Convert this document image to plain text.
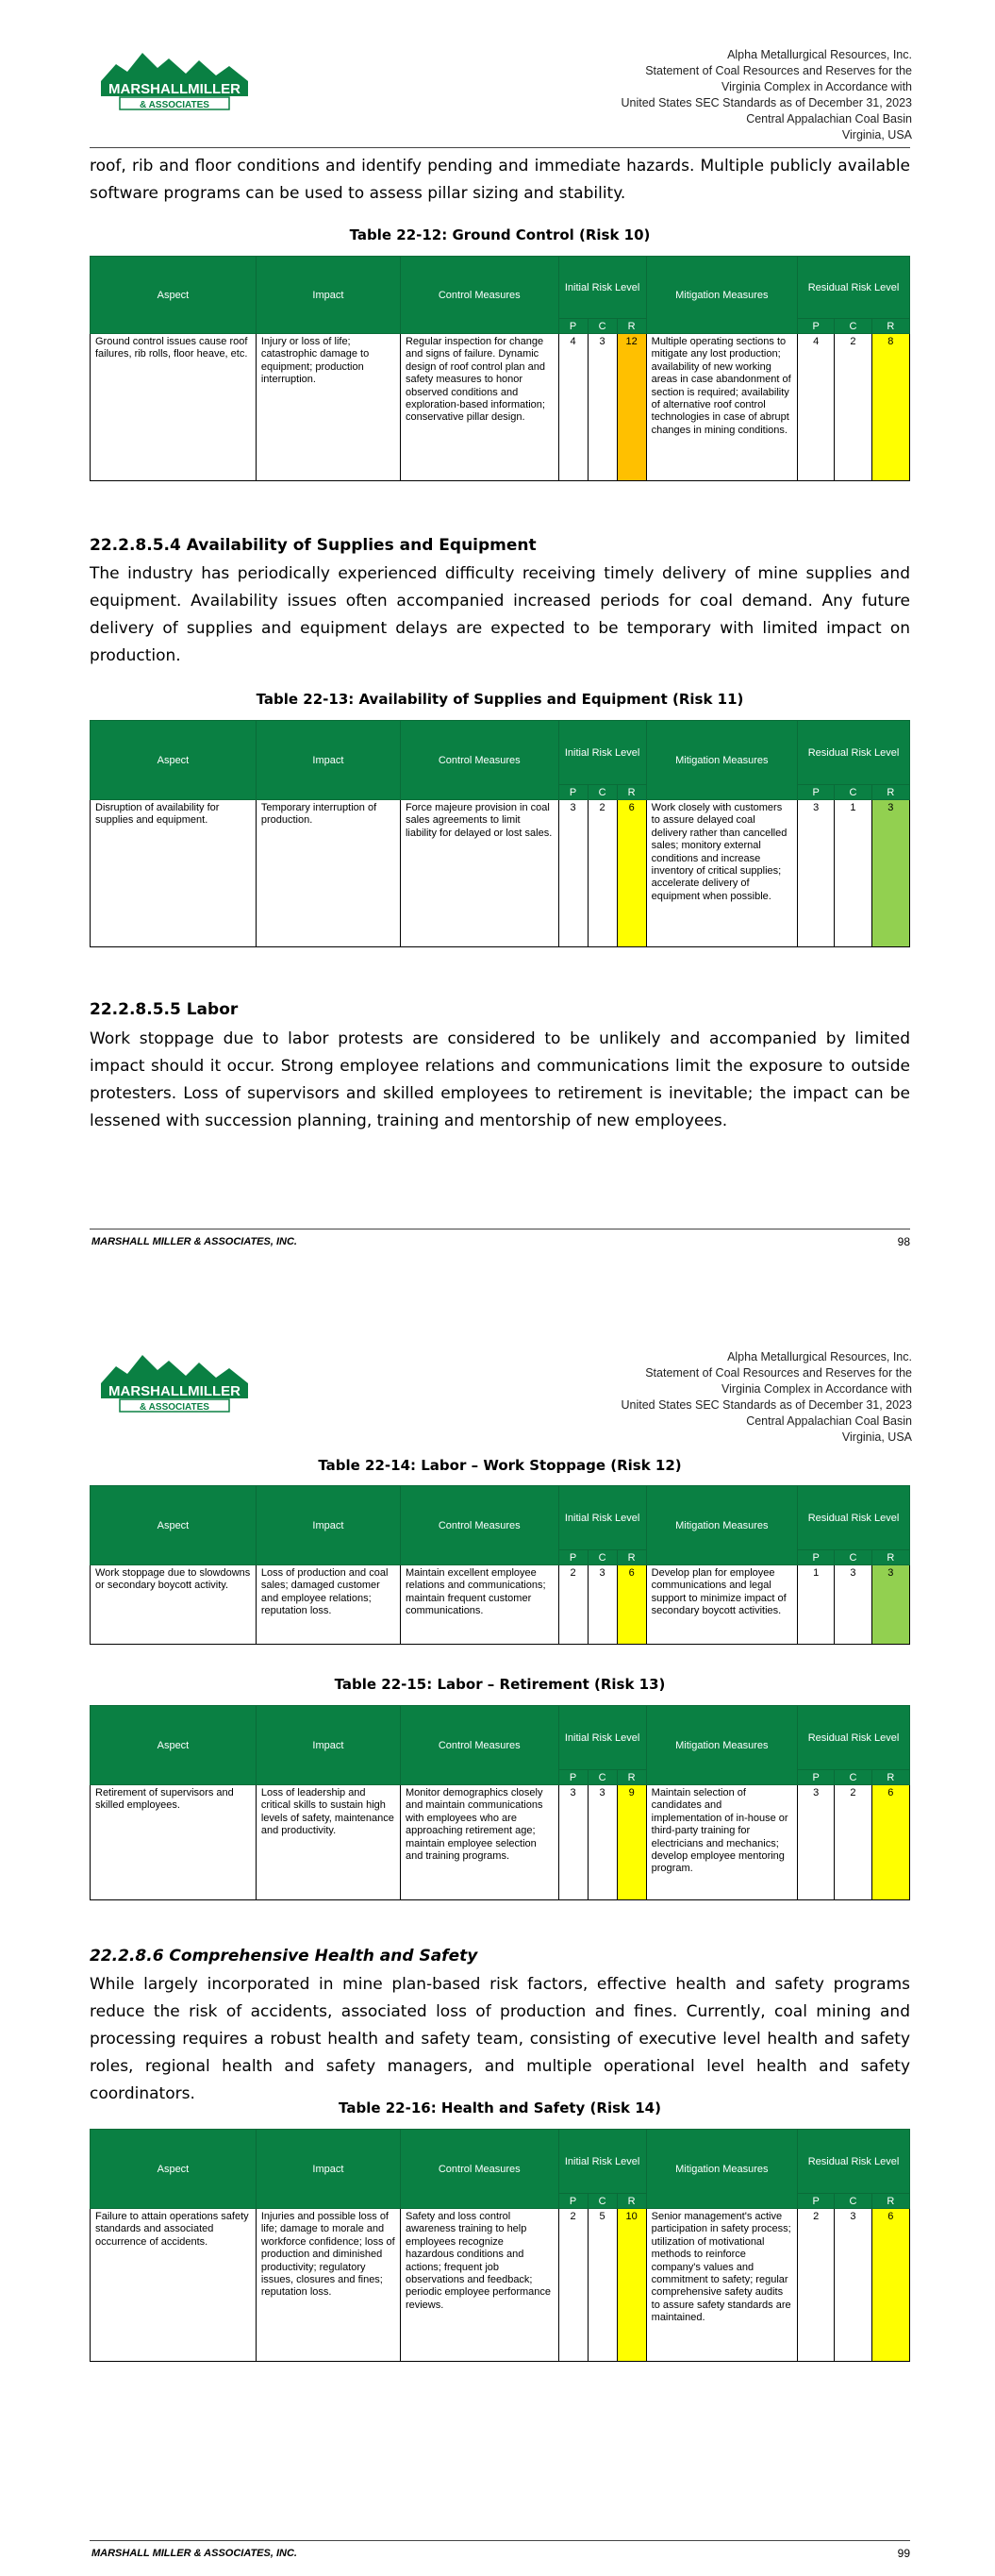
MARSHALLMILLER
& ASSOCIATES
Alpha Metallurgical Resources, Inc.
Statement of Coal Resources and Reserves for the
Virginia Complex in Accordance with
United States SEC Standards as of December 31, 2023
Central Appalachian Coal Basin
Virginia, USA
roof, rib and floor conditions and identify pending and immediate hazards. Multiple publicly available software programs can be used to assess pillar sizing and stability.
Table 22-12: Ground Control (Risk 10)
Aspect	Impact	Control Measures	Initial Risk Level			Mitigation Measures	Residual Risk Level		
			P	C	R		P	C	R
Ground control issues cause roof failures, rib rolls, floor heave, etc.	Injury or loss of life; catastrophic damage to equipment; production interruption.	Regular inspection for change and signs of failure. Dynamic design of roof control plan and safety measures to honor observed conditions and exploration-based information; conservative pillar design.	4	3	12	Multiple operating sections to mitigate any lost production; availability of new working areas in case abandonment of section is required; availability of alternative roof control technologies in case of abrupt changes in mining conditions.	4	2	8
22.2.8.5.4 Availability of Supplies and Equipment
The industry has periodically experienced difficulty receiving timely delivery of mine supplies and equipment. Availability issues often accompanied increased periods for coal demand. Any future delivery of supplies and equipment delays are expected to be temporary with limited impact on production.
Table 22-13: Availability of Supplies and Equipment (Risk 11)
Aspect	Impact	Control Measures	Initial Risk Level			Mitigation Measures	Residual Risk Level		
			P	C	R		P	C	R
Disruption of availability for supplies and equipment.	Temporary interruption of production.	Force majeure provision in coal sales agreements to limit liability for delayed or lost sales.	3	2	6	Work closely with customers to assure delayed coal delivery rather than cancelled sales; monitory external conditions and increase inventory of critical supplies; accelerate delivery of equipment when possible.	3	1	3
22.2.8.5.5 Labor
Work stoppage due to labor protests are considered to be unlikely and accompanied by limited impact should it occur. Strong employee relations and communications limit the exposure to outside protesters. Loss of supervisors and skilled employees to retirement is inevitable; the impact can be lessened with succession planning, training and mentorship of new employees.
MARSHALL MILLER & ASSOCIATES, INC.	98
MARSHALLMILLER
& ASSOCIATES
Alpha Metallurgical Resources, Inc.
Statement of Coal Resources and Reserves for the
Virginia Complex in Accordance with
United States SEC Standards as of December 31, 2023
Central Appalachian Coal Basin
Virginia, USA
Table 22-14: Labor – Work Stoppage (Risk 12)
Aspect	Impact	Control Measures	Initial Risk Level			Mitigation Measures	Residual Risk Level		
			P	C	R		P	C	R
Work stoppage due to slowdowns or secondary boycott activity.	Loss of production and coal sales; damaged customer and employee relations; reputation loss.	Maintain excellent employee relations and communications; maintain frequent customer communications.	2	3	6	Develop plan for employee communications and legal support to minimize impact of secondary boycott activities.	1	3	3
Table 22-15: Labor – Retirement (Risk 13)
Aspect	Impact	Control Measures	Initial Risk Level			Mitigation Measures	Residual Risk Level		
			P	C	R		P	C	R
Retirement of supervisors and skilled employees.	Loss of leadership and critical skills to sustain high levels of safety, maintenance and productivity.	Monitor demographics closely and maintain communications with employees who are approaching retirement age; maintain employee selection and training programs.	3	3	9	Maintain selection of candidates and implementation of in-house or third-party training for electricians and mechanics; develop employee mentoring program.	3	2	6
22.2.8.6 Comprehensive Health and Safety
While largely incorporated in mine plan-based risk factors, effective health and safety programs reduce the risk of accidents, associated loss of production and fines. Currently, coal mining and processing requires a robust health and safety team, consisting of executive level health and safety roles, regional health and safety managers, and multiple operational level health and safety coordinators.
Table 22-16: Health and Safety (Risk 14)
Aspect	Impact	Control Measures	Initial Risk Level			Mitigation Measures	Residual Risk Level		
			P	C	R		P	C	R
Failure to attain operations safety standards and associated occurrence of accidents.	Injuries and possible loss of life; damage to morale and workforce confidence; loss of production and diminished productivity; regulatory issues, closures and fines; reputation loss.	Safety and loss control awareness training to help employees recognize hazardous conditions and actions; frequent job observations and feedback; periodic employee performance reviews.	2	5	10	Senior management's active participation in safety process; utilization of motivational methods to reinforce company's values and commitment to safety; regular comprehensive safety audits to assure safety standards are maintained.	2	3	6
MARSHALL MILLER & ASSOCIATES, INC.	99
